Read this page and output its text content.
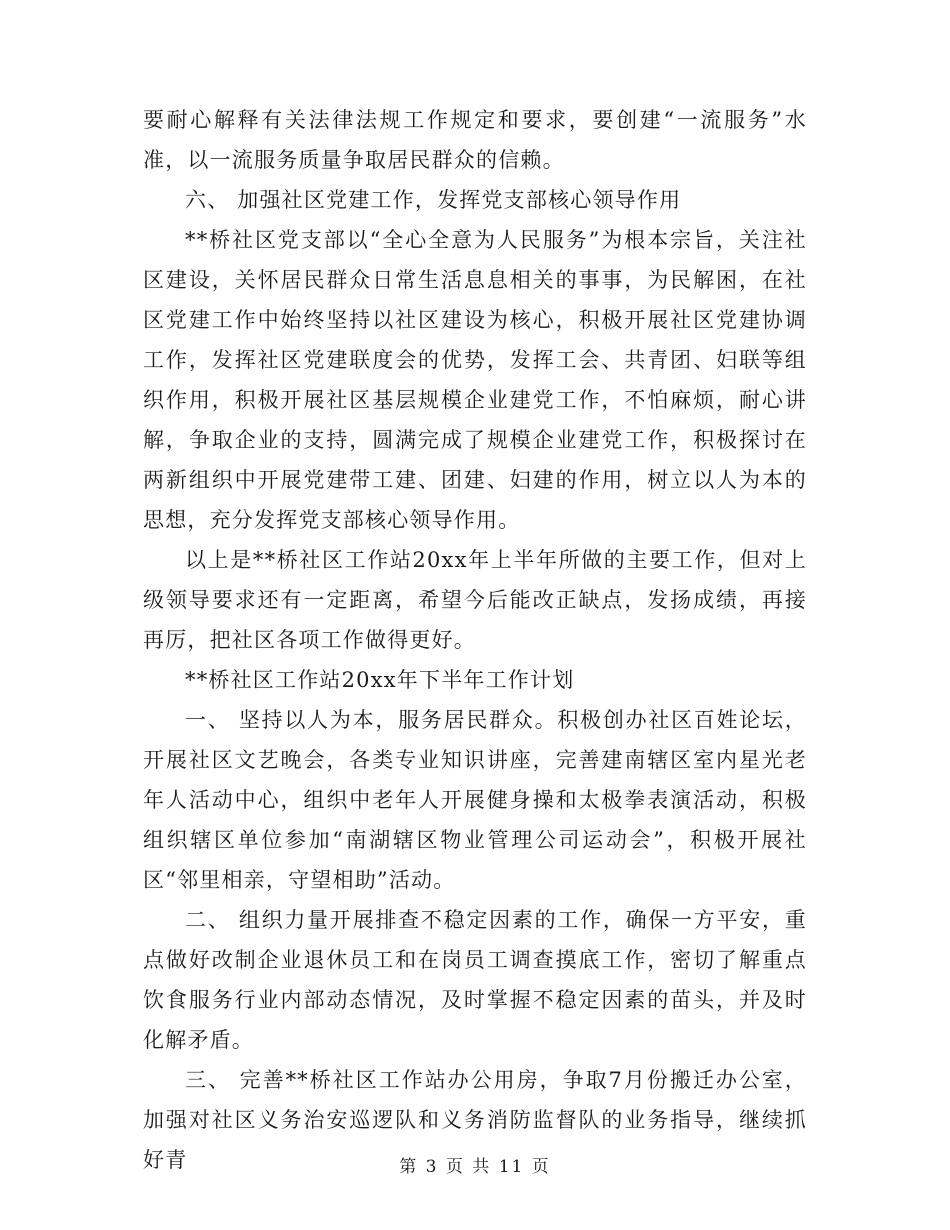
要耐心解释有关法律法规工作规定和要求，要创建“一流服务”水准，以一流服务质量争取居民群众的信赖。

六、 加强社区党建工作，发挥党支部核心领导作用

**桥社区党支部以“全心全意为人民服务”为根本宗旨，关注社区建设，关怀居民群众日常生活息息相关的事事，为民解困，在社区党建工作中始终坚持以社区建设为核心，积极开展社区党建协调工作，发挥社区党建联度会的优势，发挥工会、共青团、妇联等组织作用，积极开展社区基层规模企业建党工作，不怕麻烦，耐心讲解，争取企业的支持，圆满完成了规模企业建党工作，积极探讨在两新组织中开展党建带工建、团建、妇建的作用，树立以人为本的思想，充分发挥党支部核心领导作用。

以上是**桥社区工作站20xx年上半年所做的主要工作，但对上级领导要求还有一定距离，希望今后能改正缺点，发扬成绩，再接再厉，把社区各项工作做得更好。

**桥社区工作站20xx年下半年工作计划

一、 坚持以人为本，服务居民群众。积极创办社区百姓论坛，开展社区文艺晚会，各类专业知识讲座，完善建南辖区室内星光老年人活动中心，组织中老年人开展健身操和太极拳表演活动，积极组织辖区单位参加“南湖辖区物业管理公司运动会”，积极开展社区“邻里相亲，守望相助”活动。

二、 组织力量开展排查不稳定因素的工作，确保一方平安，重点做好改制企业退休员工和在岗员工调查摸底工作，密切了解重点饮食服务行业内部动态情况，及时掌握不稳定因素的苗头，并及时化解矛盾。

三、 完善**桥社区工作站办公用房，争取7月份搬迁办公室，加强对社区义务治安巡逻队和义务消防监督队的业务指导，继续抓好青	第 3 页 共 11 页
